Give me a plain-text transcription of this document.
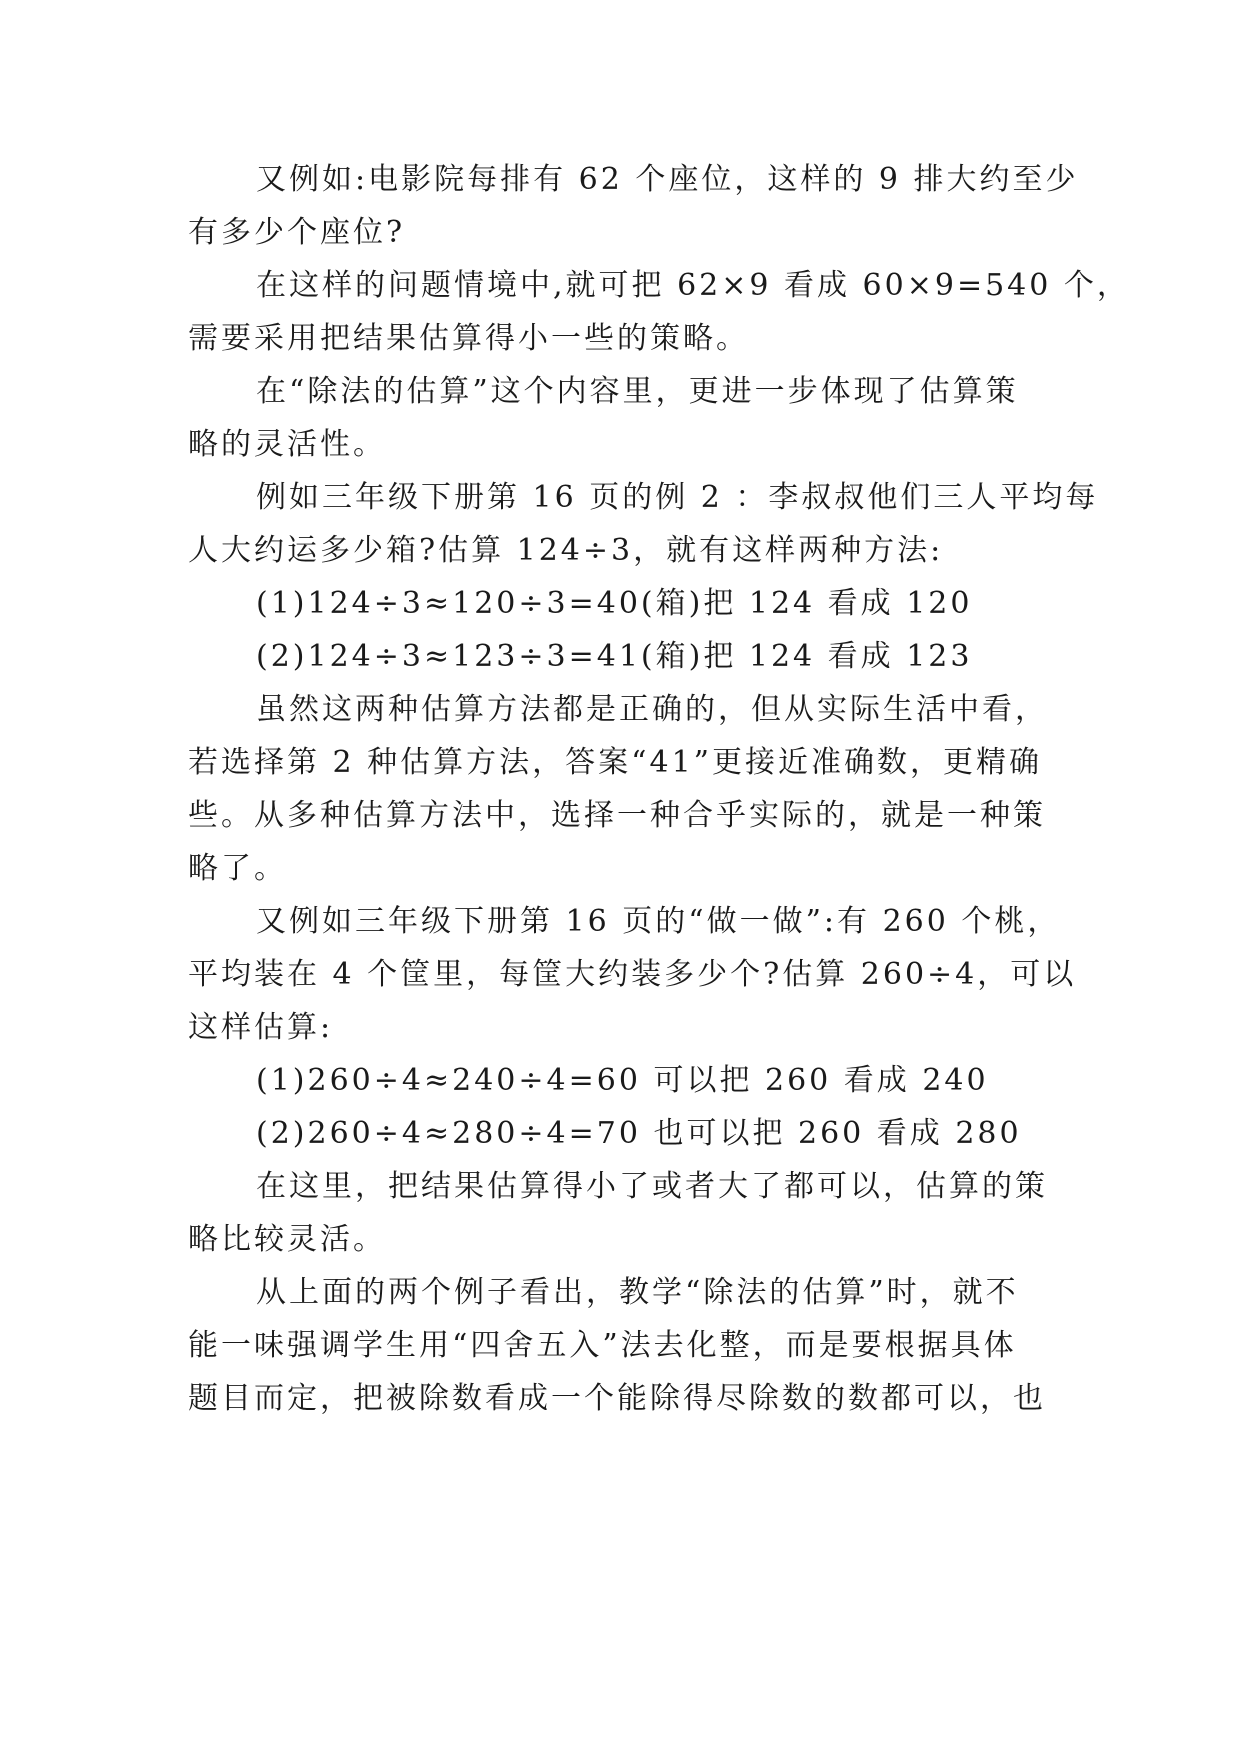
又例如:电影院每排有 62 个座位，这样的 9 排大约至少
有多少个座位?
在这样的问题情境中,就可把 62×9 看成 60×9=540 个，
需要采用把结果估算得小一些的策略。
在“除法的估算”这个内容里，更进一步体现了估算策
略的灵活性。
例如三年级下册第 16 页的例 2 ：李叔叔他们三人平均每
人大约运多少箱?估算 124÷3，就有这样两种方法:
(1)124÷3≈120÷3=40(箱)把 124 看成 120
(2)124÷3≈123÷3=41(箱)把 124 看成 123
虽然这两种估算方法都是正确的，但从实际生活中看，
若选择第 2 种估算方法，答案“41”更接近准确数，更精确
些。从多种估算方法中，选择一种合乎实际的，就是一种策
略了。
又例如三年级下册第 16 页的“做一做”:有 260 个桃，
平均装在 4 个筐里，每筐大约装多少个?估算 260÷4，可以
这样估算:
(1)260÷4≈240÷4=60 可以把 260 看成 240
(2)260÷4≈280÷4=70 也可以把 260 看成 280
在这里，把结果估算得小了或者大了都可以，估算的策
略比较灵活。
从上面的两个例子看出，教学“除法的估算”时，就不
能一味强调学生用“四舍五入”法去化整，而是要根据具体
题目而定，把被除数看成一个能除得尽除数的数都可以，也
